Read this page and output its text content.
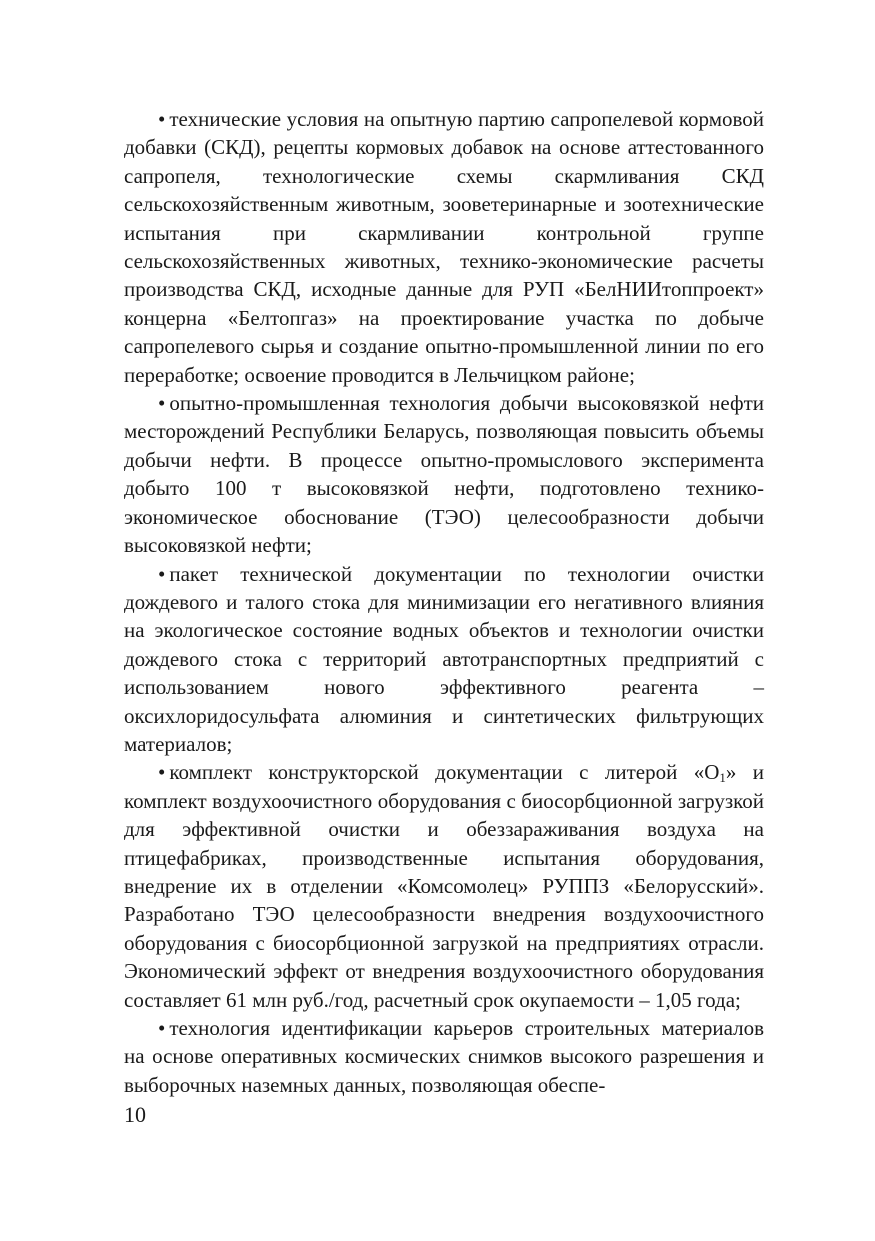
• технические условия на опытную партию сапропелевой кормовой добавки (СКД), рецепты кормовых добавок на основе аттестованного сапропеля, технологические схемы скармливания СКД сельскохозяйственным животным, зооветеринарные и зоотехнические испытания при скармливании контрольной группе сельскохозяйственных животных, технико-экономические расчеты производства СКД, исходные данные для РУП «БелНИИтоппроект» концерна «Белтопгаз» на проектирование участка по добыче сапропелевого сырья и создание опытно-промышленной линии по его переработке; освоение проводится в Лельчицком районе;

• опытно-промышленная технология добычи высоковязкой нефти месторождений Республики Беларусь, позволяющая повысить объемы добычи нефти. В процессе опытно-промыслового эксперимента добыто 100 т высоковязкой нефти, подготовлено технико-экономическое обоснование (ТЭО) целесообразности добычи высоковязкой нефти;

• пакет технической документации по технологии очистки дождевого и талого стока для минимизации его негативного влияния на экологическое состояние водных объектов и технологии очистки дождевого стока с территорий автотранспортных предприятий с использованием нового эффективного реагента – оксихлоридосульфата алюминия и синтетических фильтрующих материалов;

• комплект конструкторской документации с литерой «$О_1$» и комплект воздухоочистного оборудования с биосорбционной загрузкой для эффективной очистки и обеззараживания воздуха на птицефабриках, производственные испытания оборудования, внедрение их в отделении «Комсомолец» РУППЗ «Белорусский». Разработано ТЭО целесообразности внедрения воздухоочистного оборудования с биосорбционной загрузкой на предприятиях отрасли. Экономический эффект от внедрения воздухоочистного оборудования составляет 61 млн руб./год, расчетный срок окупаемости – 1,05 года;

• технология идентификации карьеров строительных материалов на основе оперативных космических снимков высокого разрешения и выборочных наземных данных, позволяющая обеспе-

10
